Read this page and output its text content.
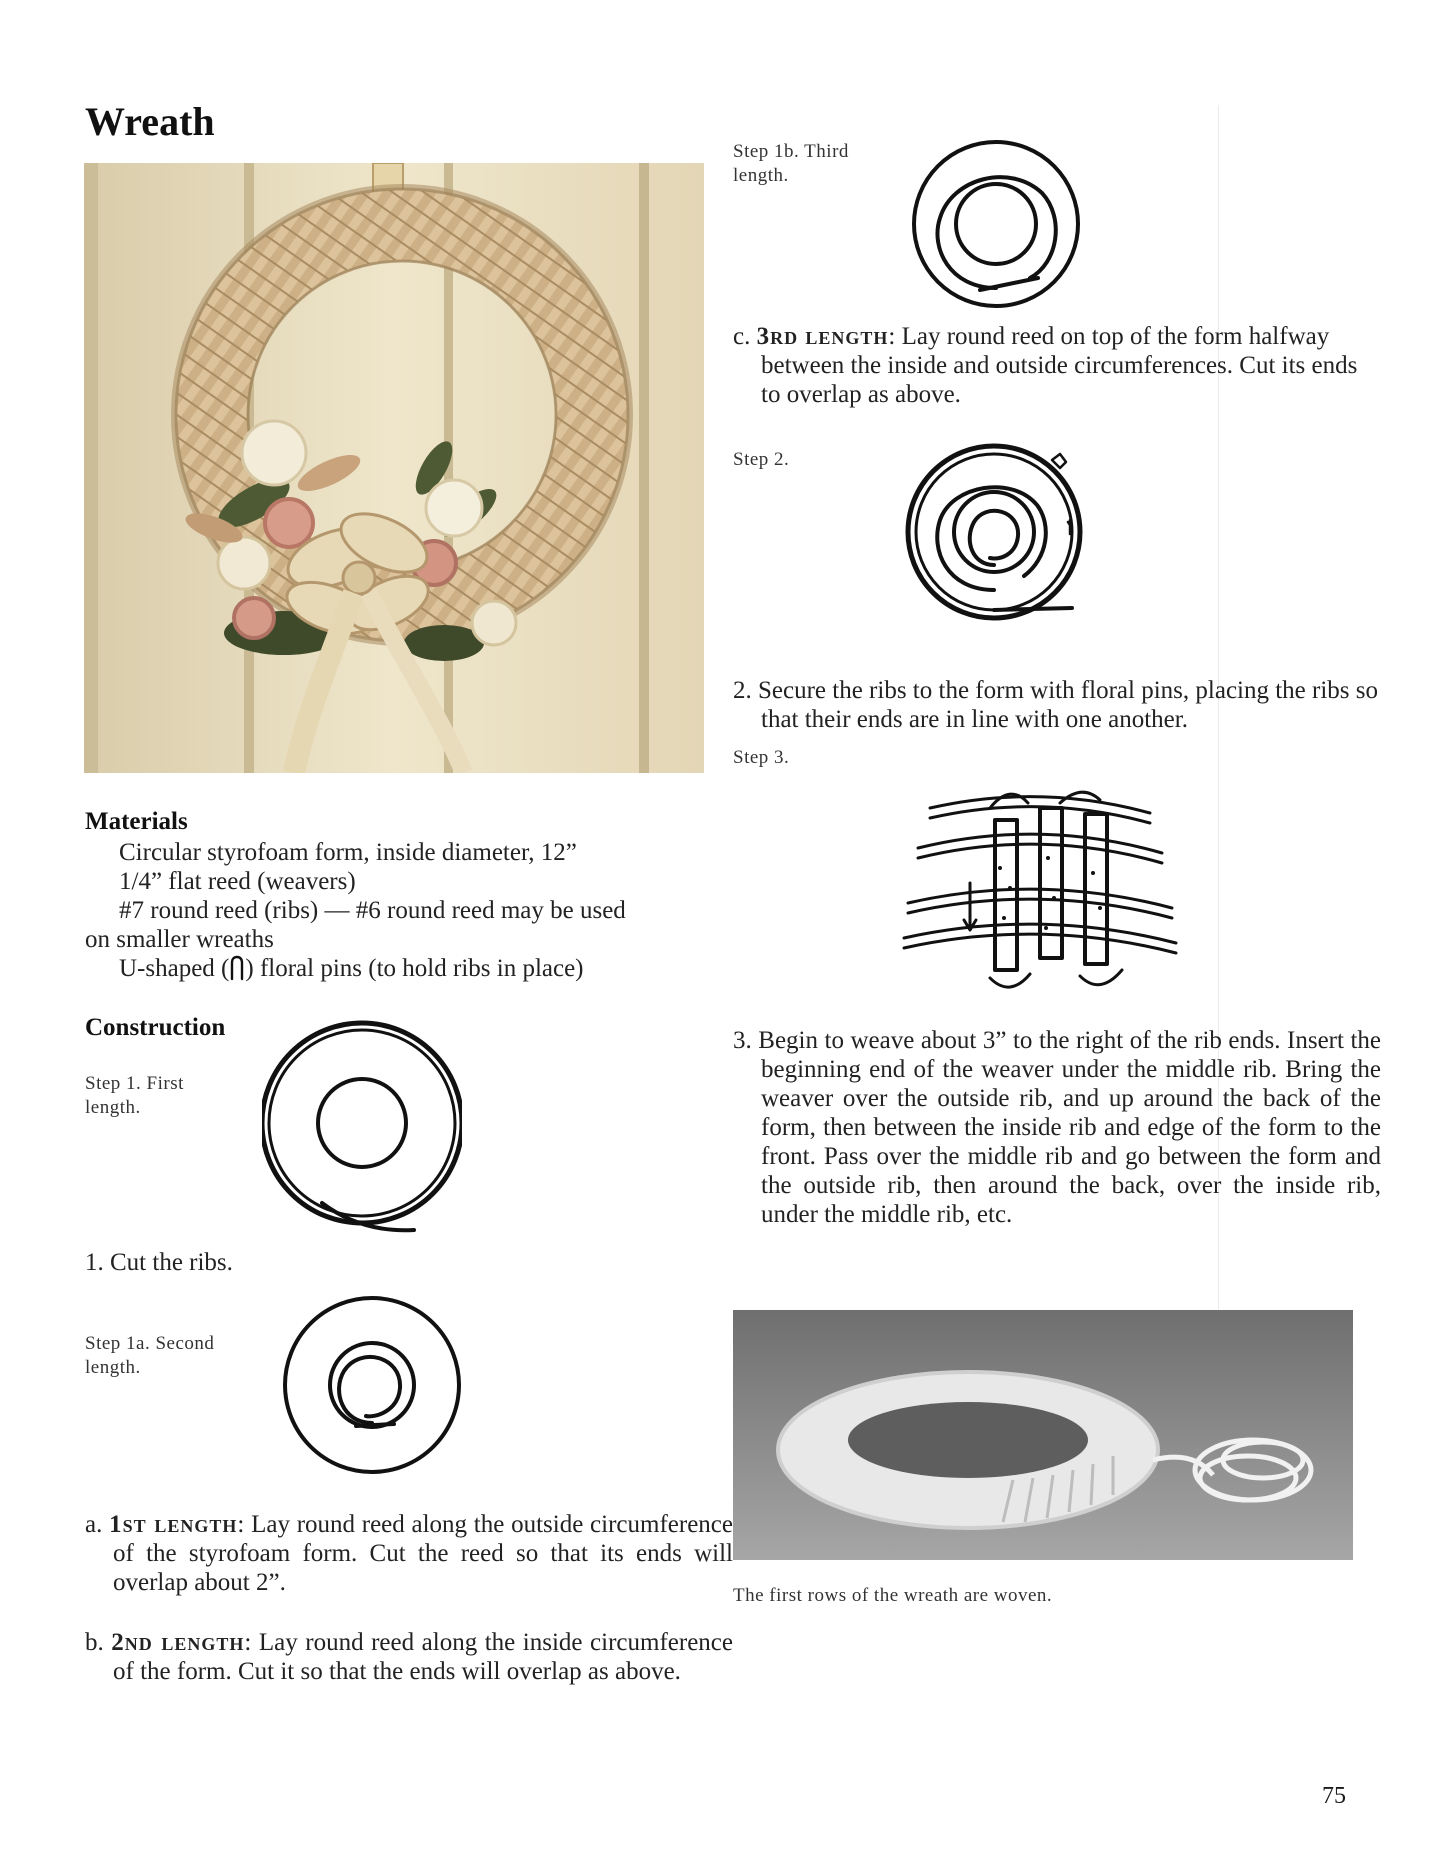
Wreath
Materials

Circular styrofoam form, inside diameter, 12”

1/4” flat reed (weavers)

#7 round reed (ribs) — #6 round reed may be used

on smaller wreaths

U-shaped ( ) floral pins (to hold ribs in place)

Construction
Step 1. First length.
1. Cut the ribs.
Step 1a. Second length.
a. 1st length: Lay round reed along the outside circumference of the styrofoam form. Cut the reed so that its ends will overlap about 2”.
b. 2nd length: Lay round reed along the inside circumference of the form. Cut it so that the ends will overlap as above.
Step 1b. Third length.
c. 3rd length: Lay round reed on top of the form halfway between the inside and outside circumferences. Cut its ends to overlap as above.
Step 2.
2. Secure the ribs to the form with floral pins, placing the ribs so that their ends are in line with one another.
Step 3.
3. Begin to weave about 3” to the right of the rib ends. Insert the beginning end of the weaver under the middle rib. Bring the weaver over the outside rib, and up around the back of the form, then between the inside rib and edge of the form to the front. Pass over the middle rib and go between the form and the outside rib, then around the back, over the inside rib, under the middle rib, etc.
The first rows of the wreath are woven.
75
